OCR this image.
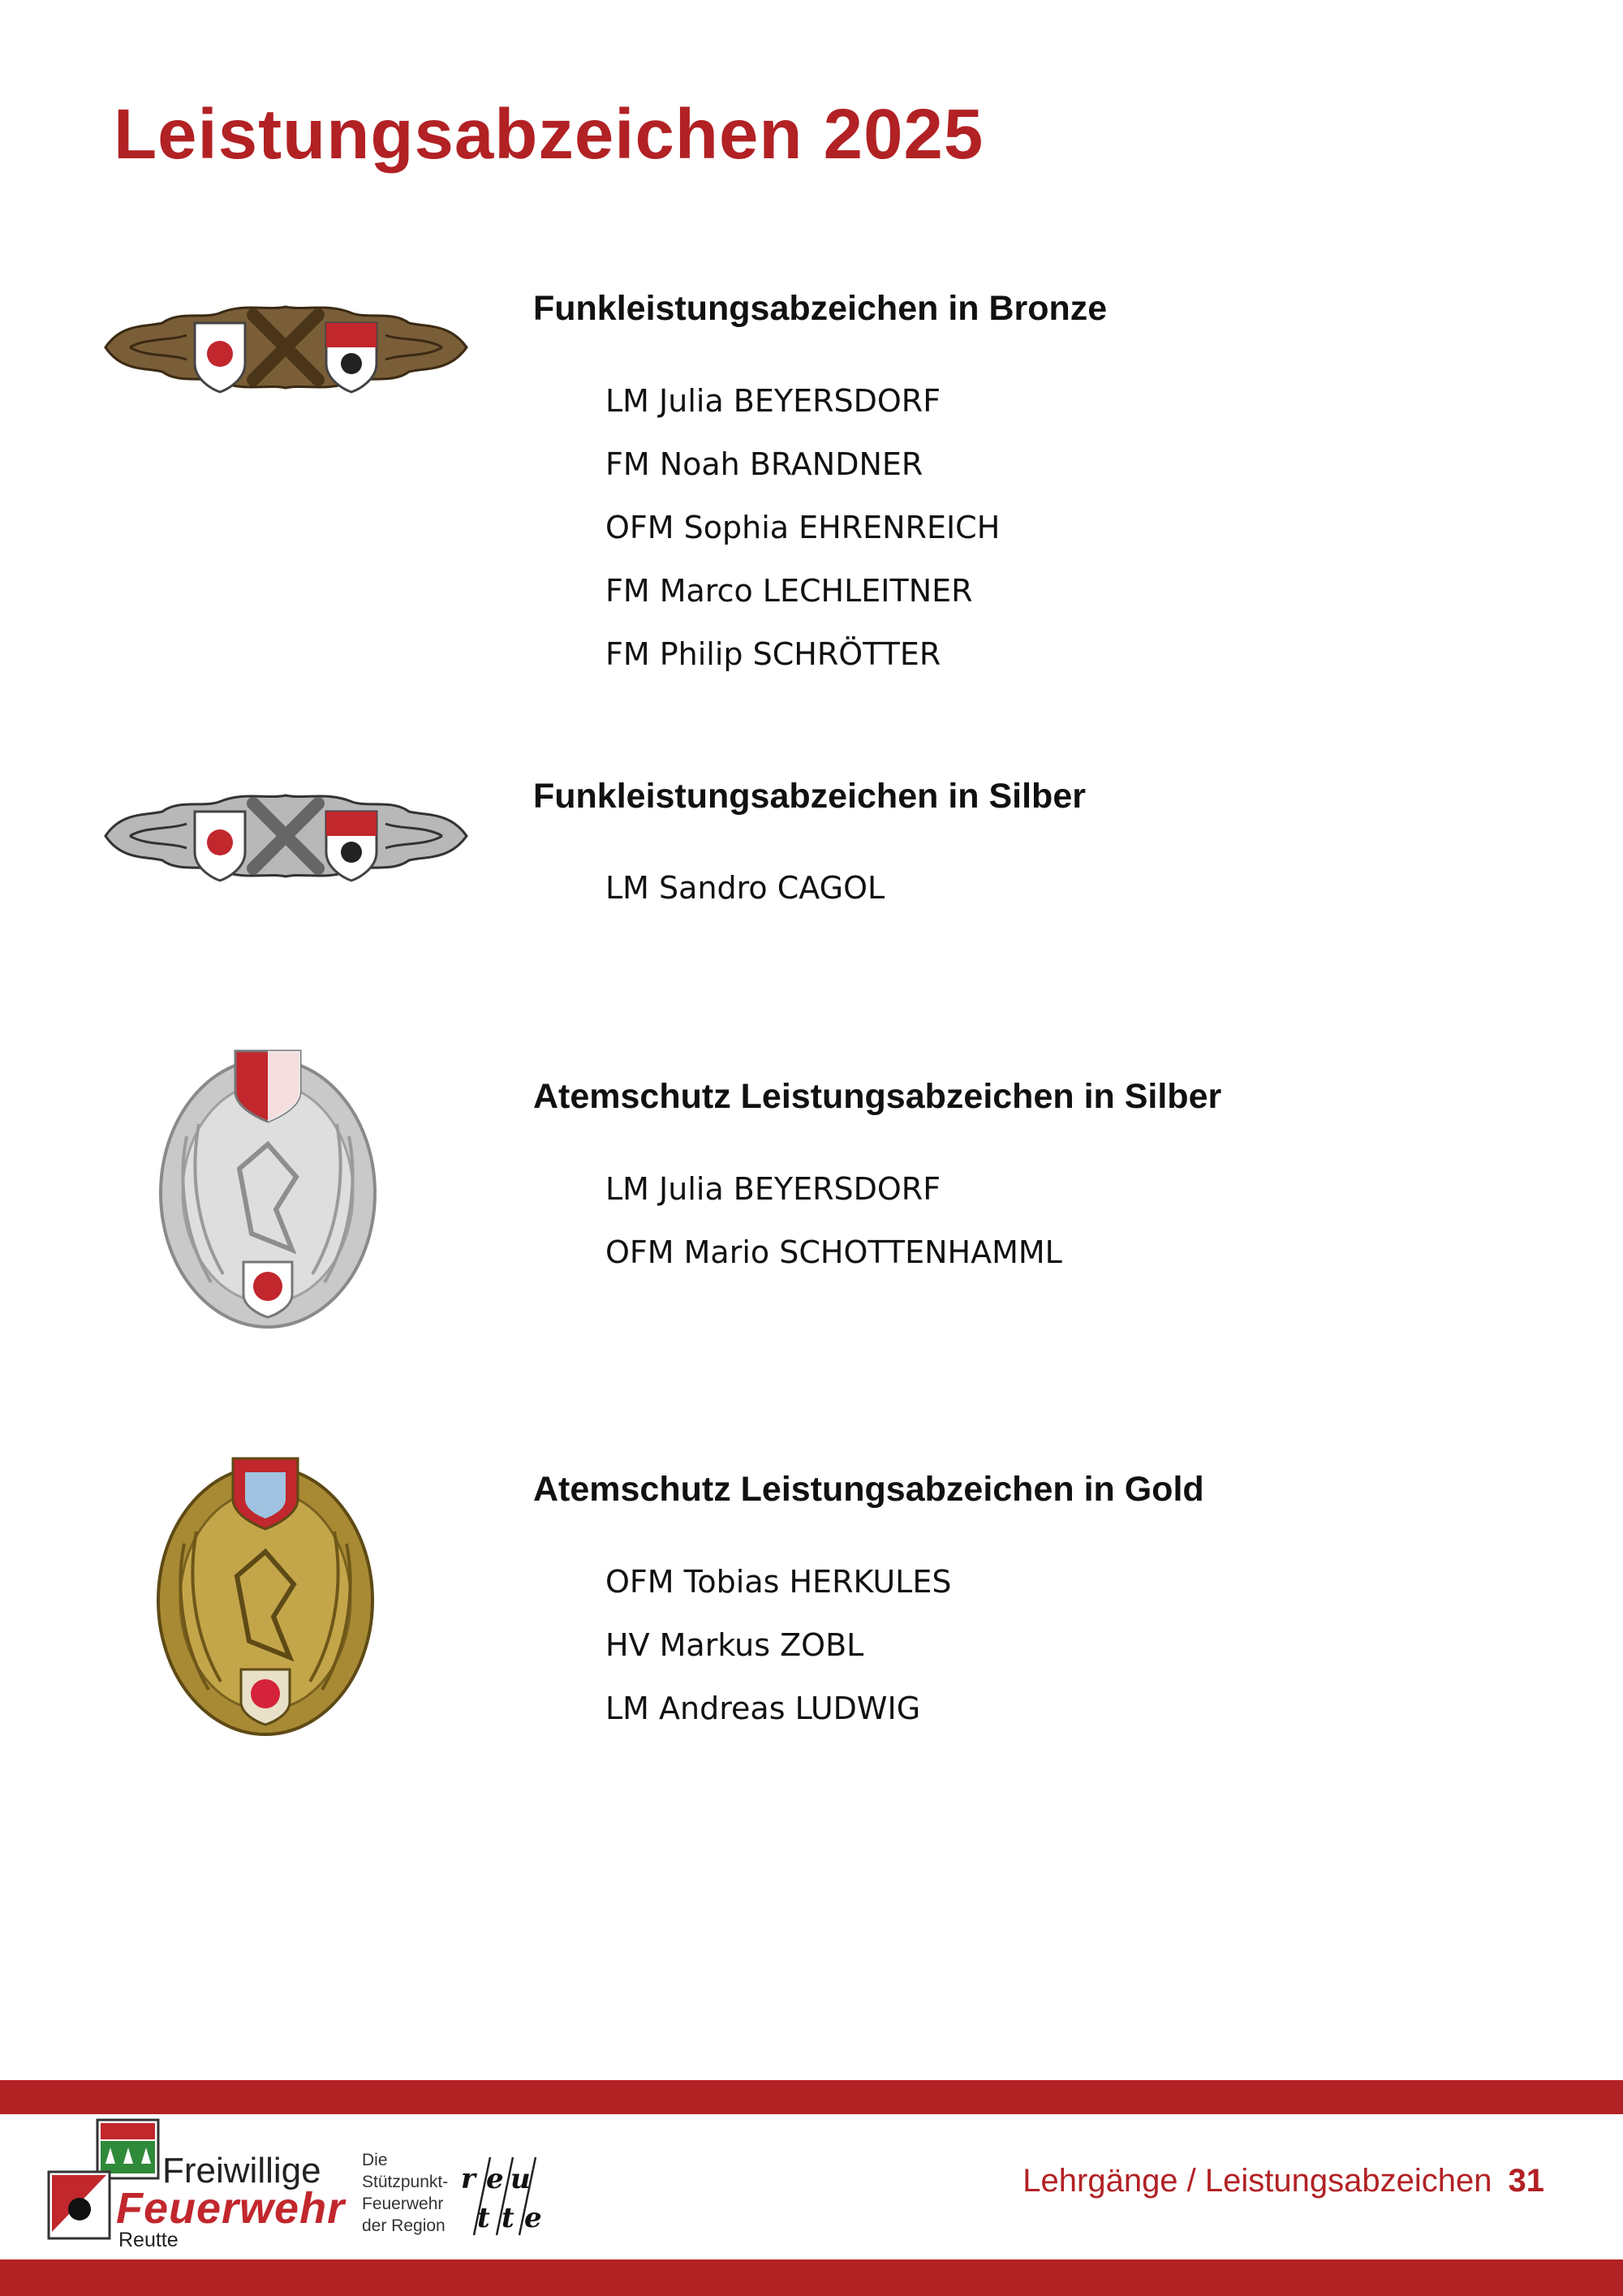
Leistungsabzeichen 2025
Funkleistungsabzeichen in Bronze
LM Julia BEYERSDORF
FM Noah BRANDNER
OFM Sophia EHRENREICH
FM Marco LECHLEITNER
FM Philip SCHRÖTTER
Funkleistungsabzeichen in Silber
LM Sandro CAGOL
Atemschutz Leistungsabzeichen in Silber
LM Julia BEYERSDORF
OFM Mario SCHOTTENHAMML
Atemschutz Leistungsabzeichen in Gold
OFM Tobias HERKULES
HV Markus ZOBL
LM Andreas LUDWIG
Freiwillige
Feuerwehr
Reutte
Die
Stützpunkt-
Feuerwehr
der Region
r e u
t t e
Lehrgänge / Leistungsabzeichen 31
